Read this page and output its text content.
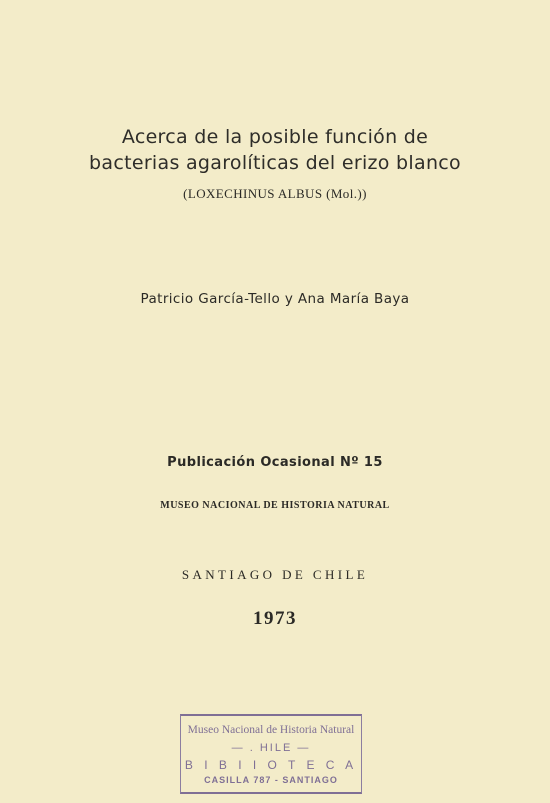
Acerca de la posible función de
bacterias agarolíticas del erizo blanco
(LOXECHINUS ALBUS (Mol.))
Patricio García-Tello y Ana María Baya
Publicación Ocasional Nº 15
MUSEO NACIONAL DE HISTORIA NATURAL
SANTIAGO DE CHILE
1973
Museo Nacional de Historia Natural
— . HILE —
B I B I I O T E C A
CASILLA 787 - SANTIAGO
